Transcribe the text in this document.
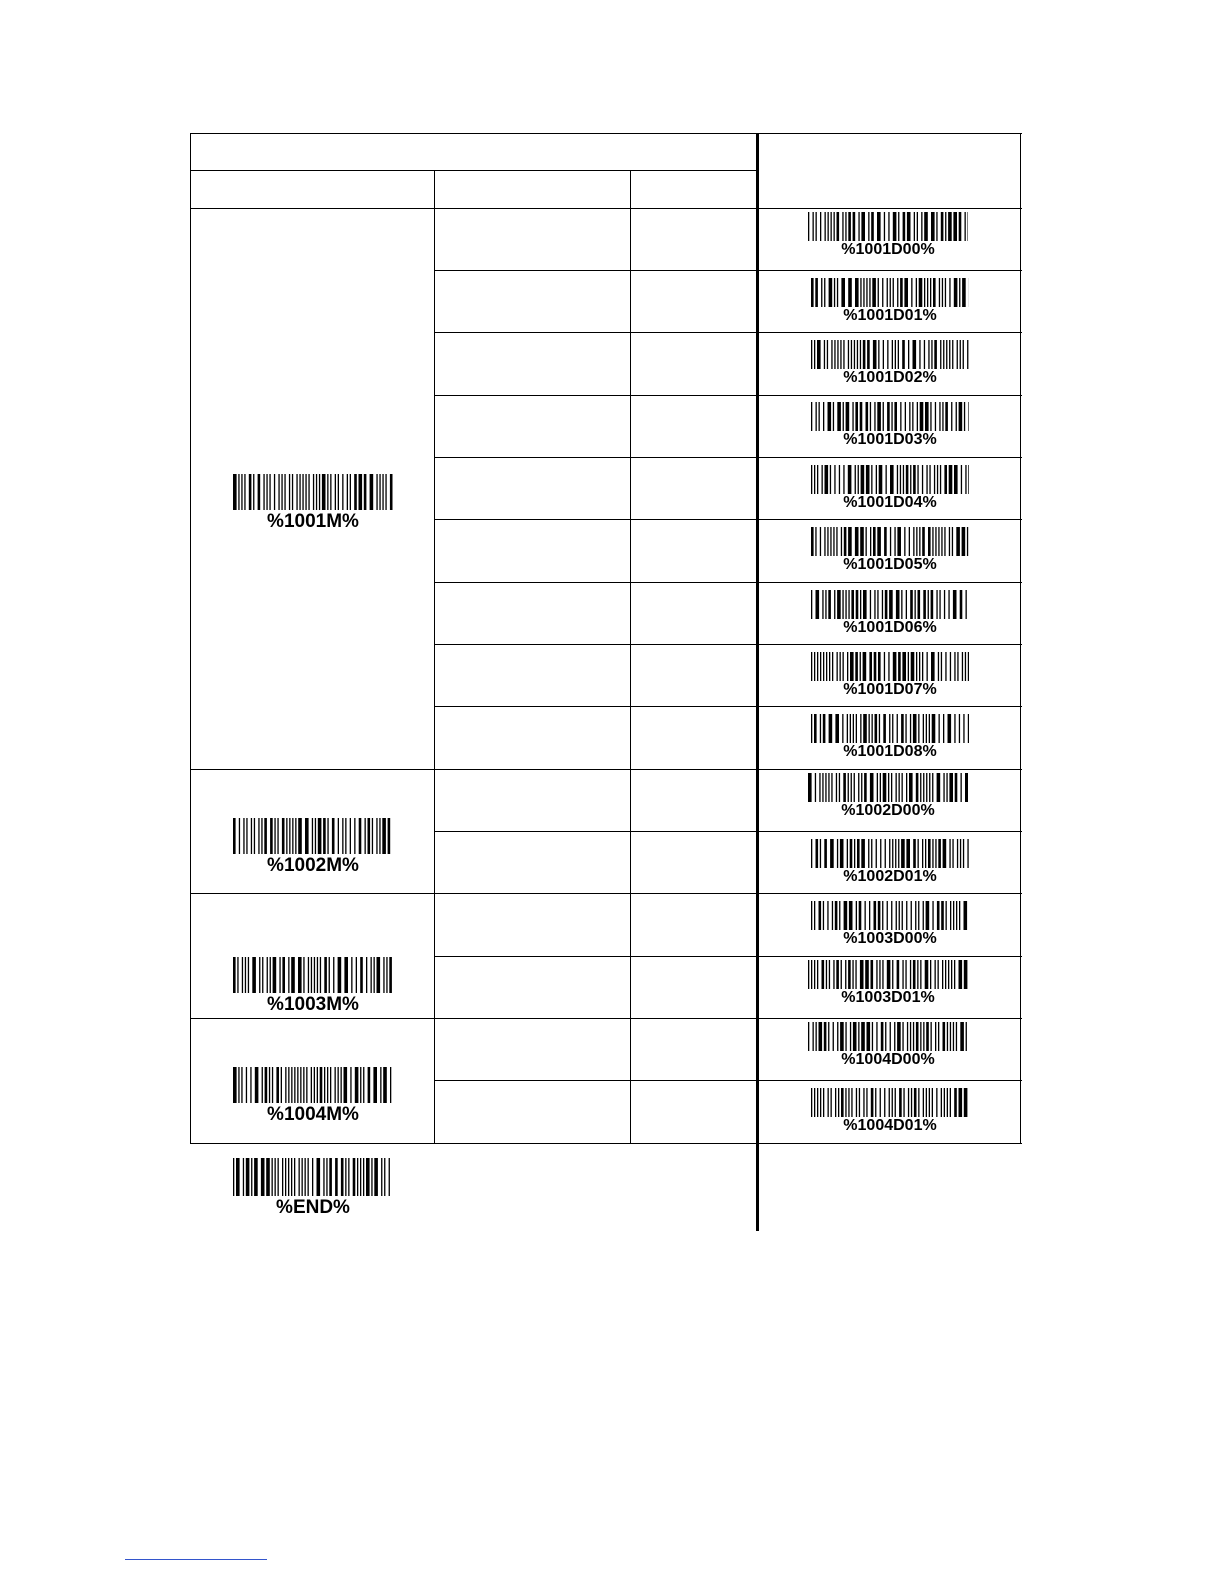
%1001M%
%1002M%
%1003M%
%1004M%
%1001D00%
%1001D01%
%1001D02%
%1001D03%
%1001D04%
%1001D05%
%1001D06%
%1001D07%
%1001D08%
%1002D00%
%1002D01%
%1003D00%
%1003D01%
%1004D00%
%1004D01%
%END%
